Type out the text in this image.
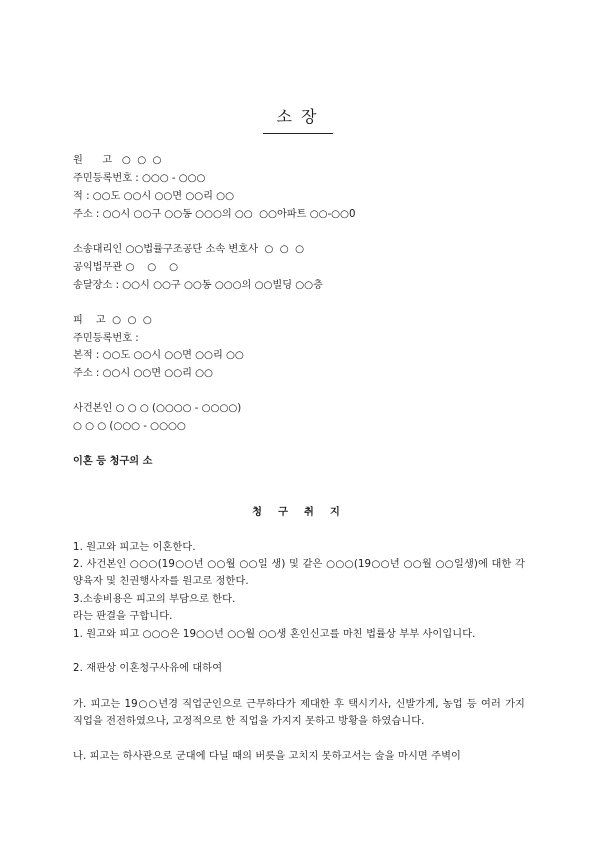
소 장
원      고   ○  ○  ○
주민등록번호 : ○○○ - ○○○
적 : ○○도 ○○시 ○○면 ○○리 ○○
주소 : ○○시 ○○구 ○○동 ○○○의 ○○  ○○아파트 ○○-○○0
소송대리인 ○○법률구조공단 소속 변호사  ○  ○  ○
공익법무관 ○    ○    ○
송달장소 : ○○시 ○○구 ○○동 ○○○의 ○○빌딩 ○○층
피    고  ○  ○  ○
주민등록번호 :
본적 : ○○도 ○○시 ○○면 ○○리 ○○
주소 : ○○시 ○○면 ○○리 ○○
사건본인 ○ ○ ○ (○○○○ - ○○○○)
○ ○ ○ (○○○ - ○○○○
이혼 등 청구의 소
청  구  취  지
1. 원고와 피고는 이혼한다.
2. 사건본인 ○○○(19○○년 ○○월 ○○일 생) 및 같은 ○○○(19○○년 ○○월 ○○일생)에 대한 각 양육자 및 친권행사자를 원고로 정한다.
3.소송비용은 피고의 부담으로 한다.
라는 판결을 구합니다.
1. 원고와 피고 ○○○은 19○○년 ○○월 ○○생 혼인신고를 마친 법률상 부부 사이입니다.
2. 재판상 이혼청구사유에 대하여
가. 피고는 19○○년경 직업군인으로 근무하다가 제대한 후 택시기사, 신발가게, 농업 등 여러 가지 직업을 전전하였으나, 고정적으로 한 직업을 가지지 못하고 방황을 하였습니다.
나. 피고는 하사관으로 군대에 다닐 때의 버릇을 고치지 못하고서는 술을 마시면 주벽이
